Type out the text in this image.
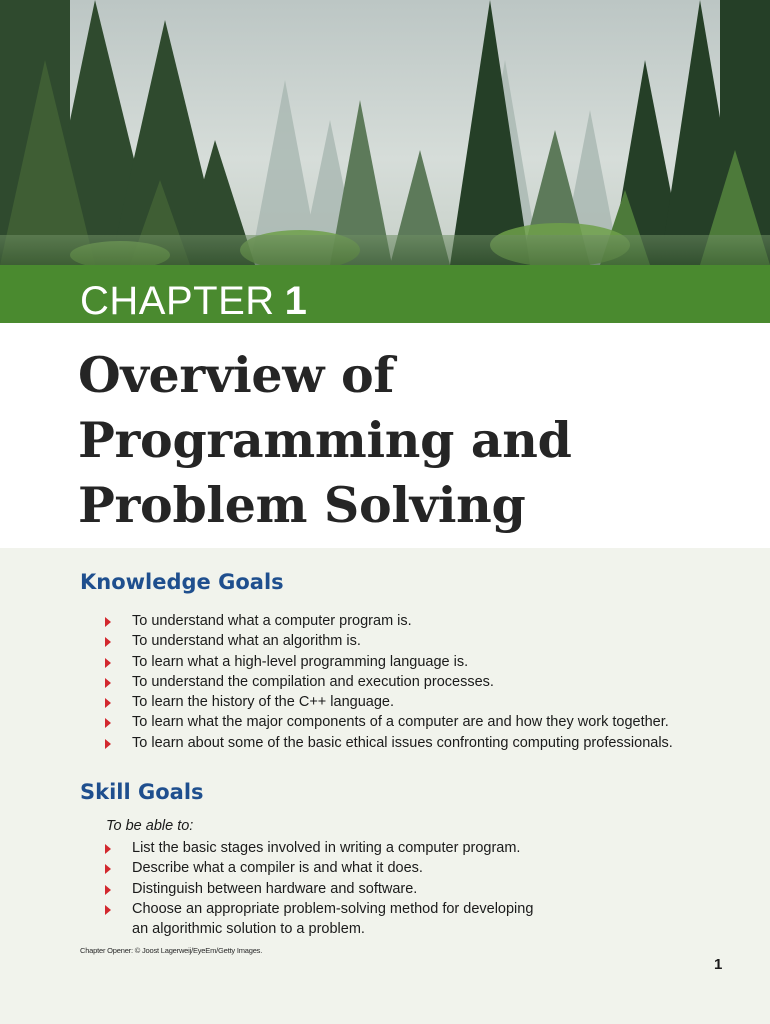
CHAPTER 1
Overview of
Programming and
Problem Solving
Knowledge Goals
To understand what a computer program is.
To understand what an algorithm is.
To learn what a high-level programming language is.
To understand the compilation and execution processes.
To learn the history of the C++ language.
To learn what the major components of a computer are and how they work together.
To learn about some of the basic ethical issues confronting computing professionals.
Skill Goals
To be able to:
List the basic stages involved in writing a computer program.
Describe what a compiler is and what it does.
Distinguish between hardware and software.
Choose an appropriate problem-solving method for developing
an algorithmic solution to a problem.
Chapter Opener: © Joost Lagerweij/EyeEm/Getty Images.
1
